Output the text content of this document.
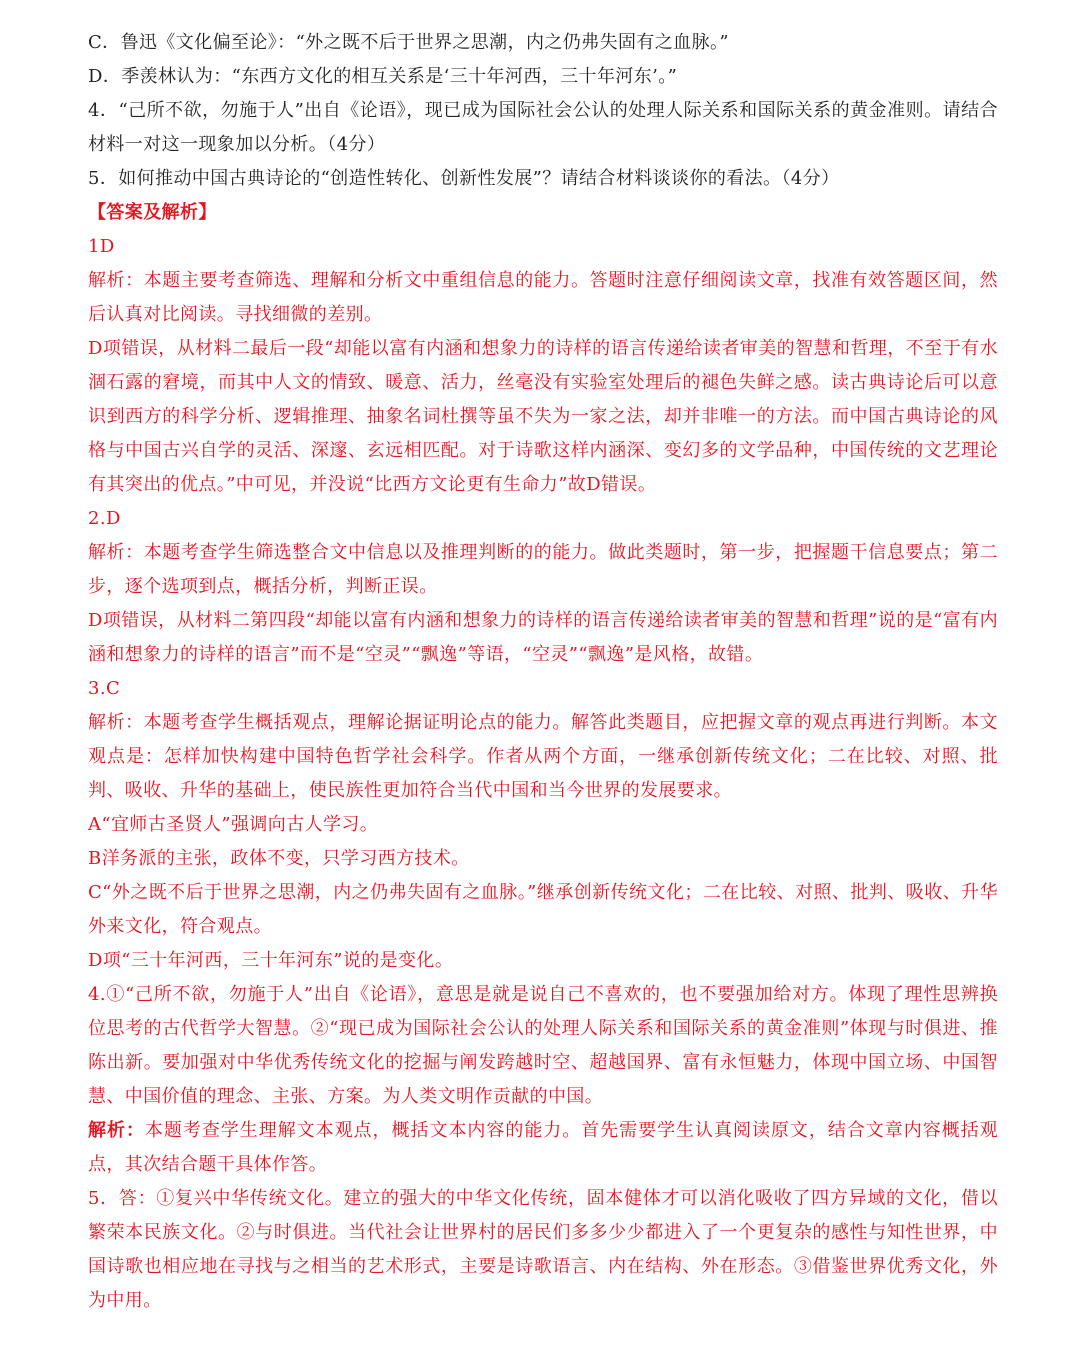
C．鲁迅《文化偏至论》：“外之既不后于世界之思潮，内之仍弗失固有之血脉。”

D．季羡林认为：“东西方文化的相互关系是‘三十年河西，三十年河东’。”

4．“己所不欲，勿施于人”出自《论语》，现已成为国际社会公认的处理人际关系和国际关系的黄金准则。请结合材料一对这一现象加以分析。（4分）

5．如何推动中国古典诗论的“创造性转化、创新性发展”？请结合材料谈谈你的看法。（4分）

【答案及解析】

1D

解析：本题主要考查筛选、理解和分析文中重组信息的能力。答题时注意仔细阅读文章，找准有效答题区间，然后认真对比阅读。寻找细微的差别。

D项错误，从材料二最后一段“却能以富有内涵和想象力的诗样的语言传递给读者审美的智慧和哲理，不至于有水涸石露的窘境，而其中人文的情致、暖意、活力，丝毫没有实验室处理后的褪色失鲜之感。读古典诗论后可以意识到西方的科学分析、逻辑推理、抽象名词杜撰等虽不失为一家之法，却并非唯一的方法。而中国古典诗论的风格与中国古兴自学的灵活、深邃、玄远相匹配。对于诗歌这样内涵深、变幻多的文学品种，中国传统的文艺理论有其突出的优点。”中可见，并没说“比西方文论更有生命力”故D错误。

2.D

解析：本题考查学生筛选整合文中信息以及推理判断的的能力。做此类题时，第一步，把握题干信息要点；第二步，逐个选项到点，概括分析，判断正误。

D项错误，从材料二第四段“却能以富有内涵和想象力的诗样的语言传递给读者审美的智慧和哲理”说的是“富有内涵和想象力的诗样的语言”而不是“空灵”“飘逸”等语，“空灵”“飘逸”是风格，故错。

3.C

解析：本题考查学生概括观点，理解论据证明论点的能力。解答此类题目，应把握文章的观点再进行判断。本文观点是：怎样加快构建中国特色哲学社会科学。作者从两个方面，一继承创新传统文化；二在比较、对照、批判、吸收、升华的基础上，使民族性更加符合当代中国和当今世界的发展要求。

A“宜师古圣贤人”强调向古人学习。

B洋务派的主张，政体不变，只学习西方技术。

C“外之既不后于世界之思潮，内之仍弗失固有之血脉。”继承创新传统文化；二在比较、对照、批判、吸收、升华外来文化，符合观点。

D项“三十年河西，三十年河东”说的是变化。

4.①“己所不欲，勿施于人”出自《论语》，意思是就是说自己不喜欢的，也不要强加给对方。体现了理性思辨换位思考的古代哲学大智慧。②“现已成为国际社会公认的处理人际关系和国际关系的黄金准则”体现与时俱进、推陈出新。要加强对中华优秀传统文化的挖掘与阐发跨越时空、超越国界、富有永恒魅力，体现中国立场、中国智慧、中国价值的理念、主张、方案。为人类文明作贡献的中国。

解析：本题考查学生理解文本观点，概括文本内容的能力。首先需要学生认真阅读原文，结合文章内容概括观点，其次结合题干具体作答。

5．答：①复兴中华传统文化。建立的强大的中华文化传统，固本健体才可以消化吸收了四方异域的文化，借以繁荣本民族文化。②与时俱进。当代社会让世界村的居民们多多少少都进入了一个更复杂的感性与知性世界，中国诗歌也相应地在寻找与之相当的艺术形式，主要是诗歌语言、内在结构、外在形态。③借鉴世界优秀文化，外为中用。
